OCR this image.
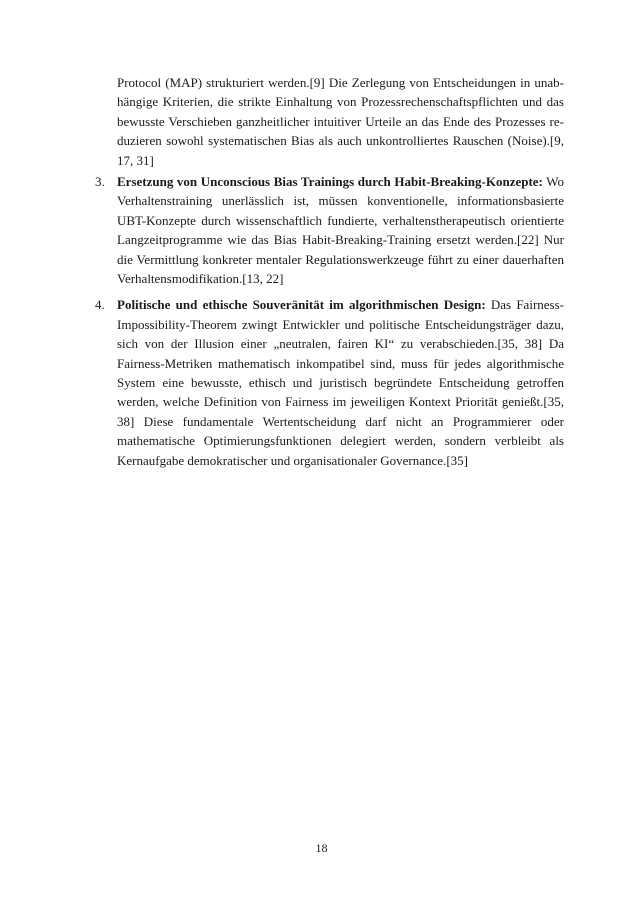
Protocol (MAP) strukturiert werden.[9] Die Zerlegung von Entscheidungen in unab-
hängige Kriterien, die strikte Einhaltung von Prozessrechenschaftspflichten und das
bewusste Verschieben ganzheitlicher intuitiver Urteile an das Ende des Prozesses re-
duzieren sowohl systematischen Bias als auch unkontrolliertes Rauschen (Noise).[9,
17, 31]
3. Ersetzung von Unconscious Bias Trainings durch Habit-Breaking-Konzepte: Wo Verhaltenstraining unerlässlich ist, müssen konventionelle, informationsbasierte UBT-Konzepte durch wissenschaftlich fundierte, verhaltenstherapeutisch orientierte Langzeitprogramme wie das Bias Habit-Breaking-Training ersetzt werden.[22] Nur die Vermittlung konkreter mentaler Regulationswerkzeuge führt zu einer dauerhaften Verhaltensmodifikation.[13, 22]
4. Politische und ethische Souveränität im algorithmischen Design: Das Fairness-Impossibility-Theorem zwingt Entwickler und politische Entscheidungsträger dazu, sich von der Illusion einer „neutralen, fairen KI“ zu verabschieden.[35, 38] Da Fairness-Metriken mathematisch inkompatibel sind, muss für jedes algorithmische System eine bewusste, ethisch und juristisch begründete Entscheidung getroffen werden, welche Definition von Fairness im jeweiligen Kontext Priorität genießt.[35, 38] Diese fundamentale Wertentscheidung darf nicht an Programmierer oder mathematische Optimierungsfunktionen delegiert werden, sondern verbleibt als Kernaufgabe demokratischer und organisationaler Governance.[35]
18
